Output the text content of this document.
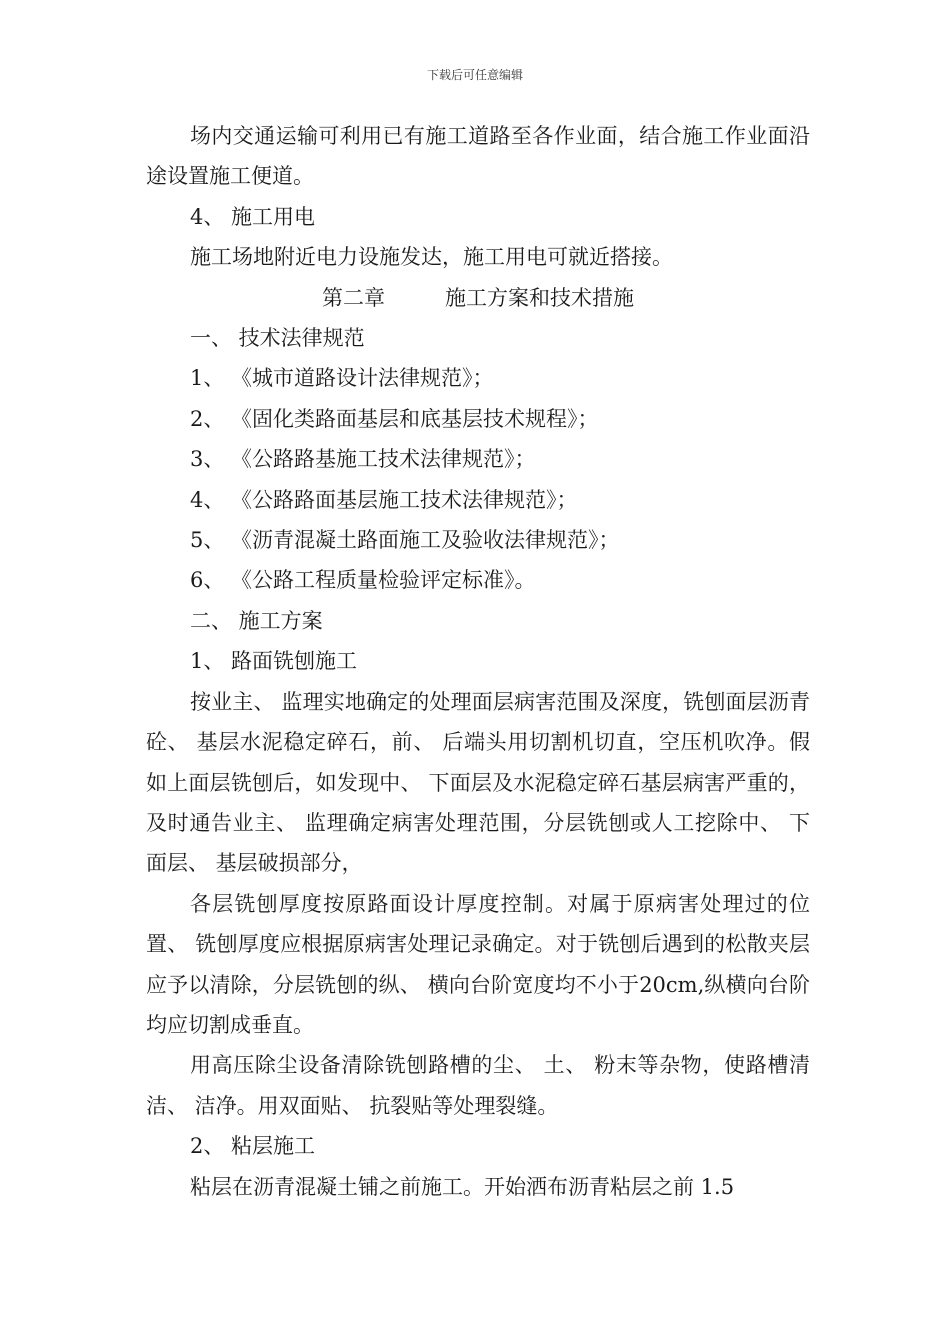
下载后可任意编辑

场内交通运输可利用已有施工道路至各作业面，结合施工作业面沿途设置施工便道。

4、 施工用电

施工场地附近电力设施发达，施工用电可就近搭接。

第二章	施工方案和技术措施

一、 技术法律规范

1、 《城市道路设计法律规范》；

2、 《固化类路面基层和底基层技术规程》；

3、 《公路路基施工技术法律规范》；

4、 《公路路面基层施工技术法律规范》；

5、 《沥青混凝土路面施工及验收法律规范》；

6、 《公路工程质量检验评定标准》。

二、 施工方案

1、 路面铣刨施工

按业主、 监理实地确定的处理面层病害范围及深度，铣刨面层沥青砼、 基层水泥稳定碎石，前、 后端头用切割机切直，空压机吹净。假如上面层铣刨后，如发现中、 下面层及水泥稳定碎石基层病害严重的，及时通告业主、 监理确定病害处理范围，分层铣刨或人工挖除中、 下面层、 基层破损部分，

各层铣刨厚度按原路面设计厚度控制。对属于原病害处理过的位置、 铣刨厚度应根据原病害处理记录确定。对于铣刨后遇到的松散夹层应予以清除，分层铣刨的纵、 横向台阶宽度均不小于20cm,纵横向台阶均应切割成垂直。

用高压除尘设备清除铣刨路槽的尘、 土、 粉末等杂物，使路槽清洁、 洁净。用双面贴、 抗裂贴等处理裂缝。

2、 粘层施工

粘层在沥青混凝土铺之前施工。开始洒布沥青粘层之前 1.5
